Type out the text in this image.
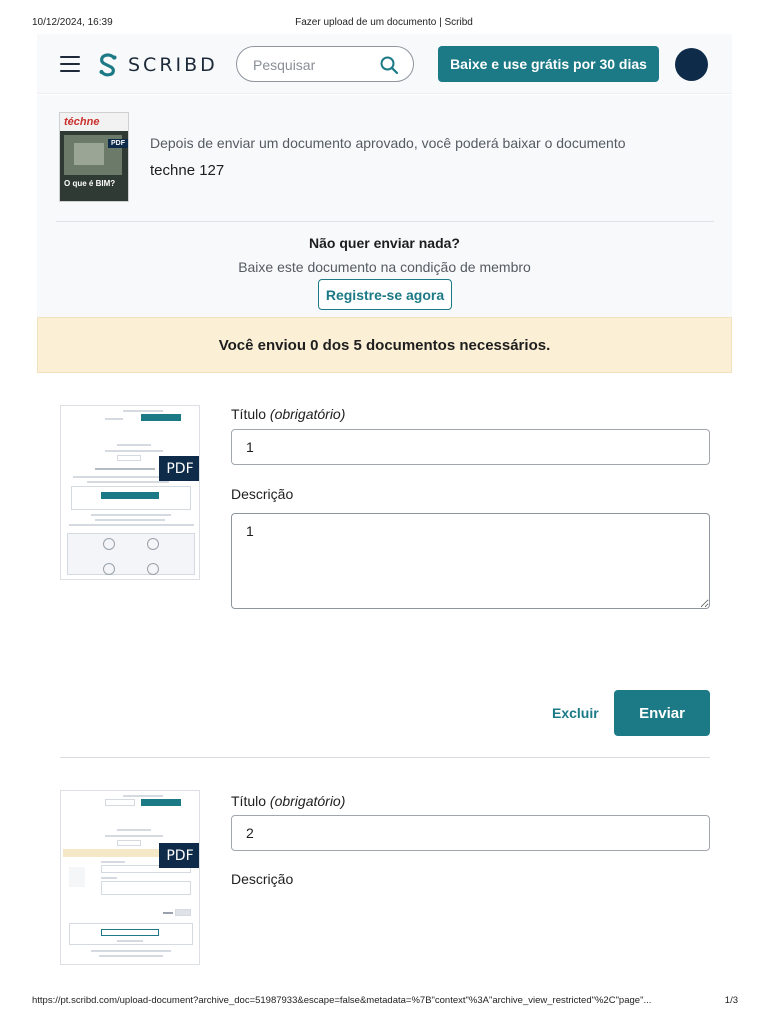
10/12/2024, 16:39	Fazer upload de um documento | Scribd
SCRIBD
Pesquisar	Baixe e use grátis por 30 dias
téchne
O que é BIM?
PDF Depois de enviar um documento aprovado, você poderá baixar o documento
techne 127
Não quer enviar nada?
Baixe este documento na condição de membro
Registre-se agora
Você enviou 0 dos 5 documentos necessários.
PDF
Título (obrigatório)
1
Descrição
1
Excluir	Enviar
PDF
Título (obrigatório)
2
Descrição
https://pt.scribd.com/upload-document?archive_doc=51987933&escape=false&metadata=%7B"context"%3A"archive_view_restricted"%2C"page"...	1/3
